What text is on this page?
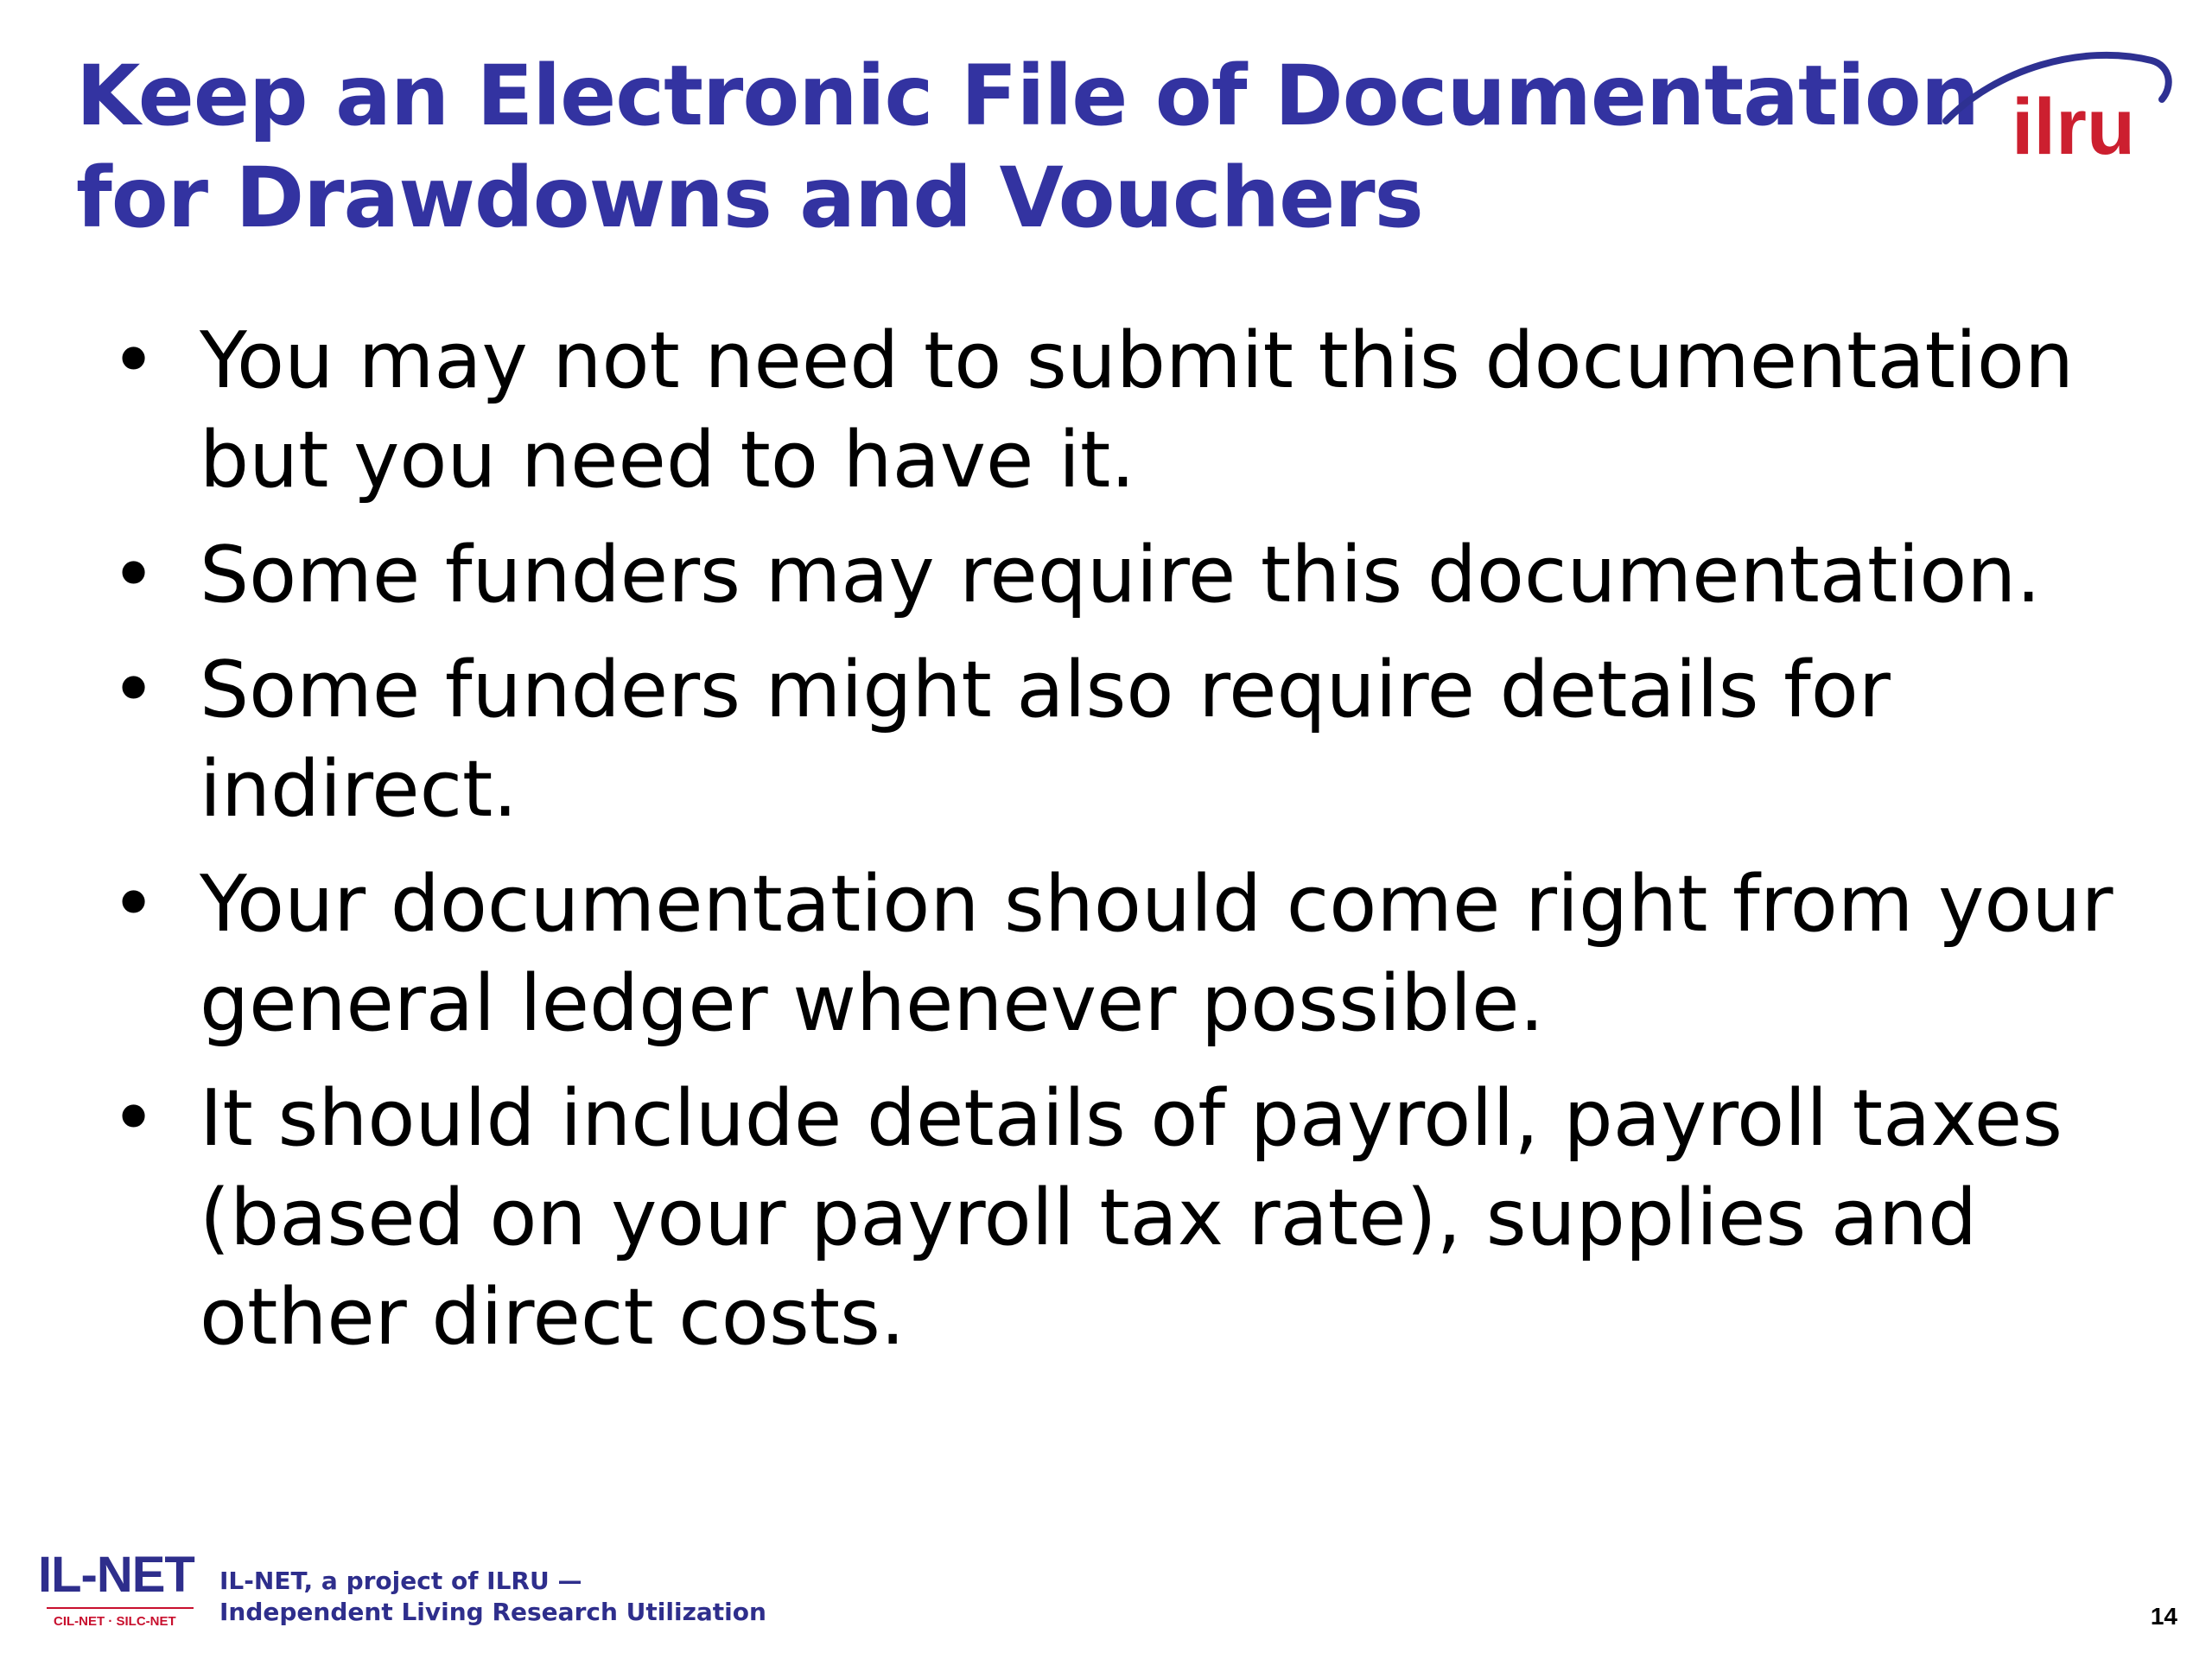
Keep an Electronic File of Documentation
for Drawdowns and Vouchers
ilru
• You may not need to submit this documentation but you need to have it.
• Some funders may require this documentation.
• Some funders might also require details for indirect.
• Your documentation should come right from your general ledger whenever possible.
• It should include details of payroll, payroll taxes (based on your payroll tax rate), supplies and other direct costs.
IL-NET
CIL-NET · SILC-NET
IL-NET, a project of ILRU —
Independent Living Research Utilization	14
